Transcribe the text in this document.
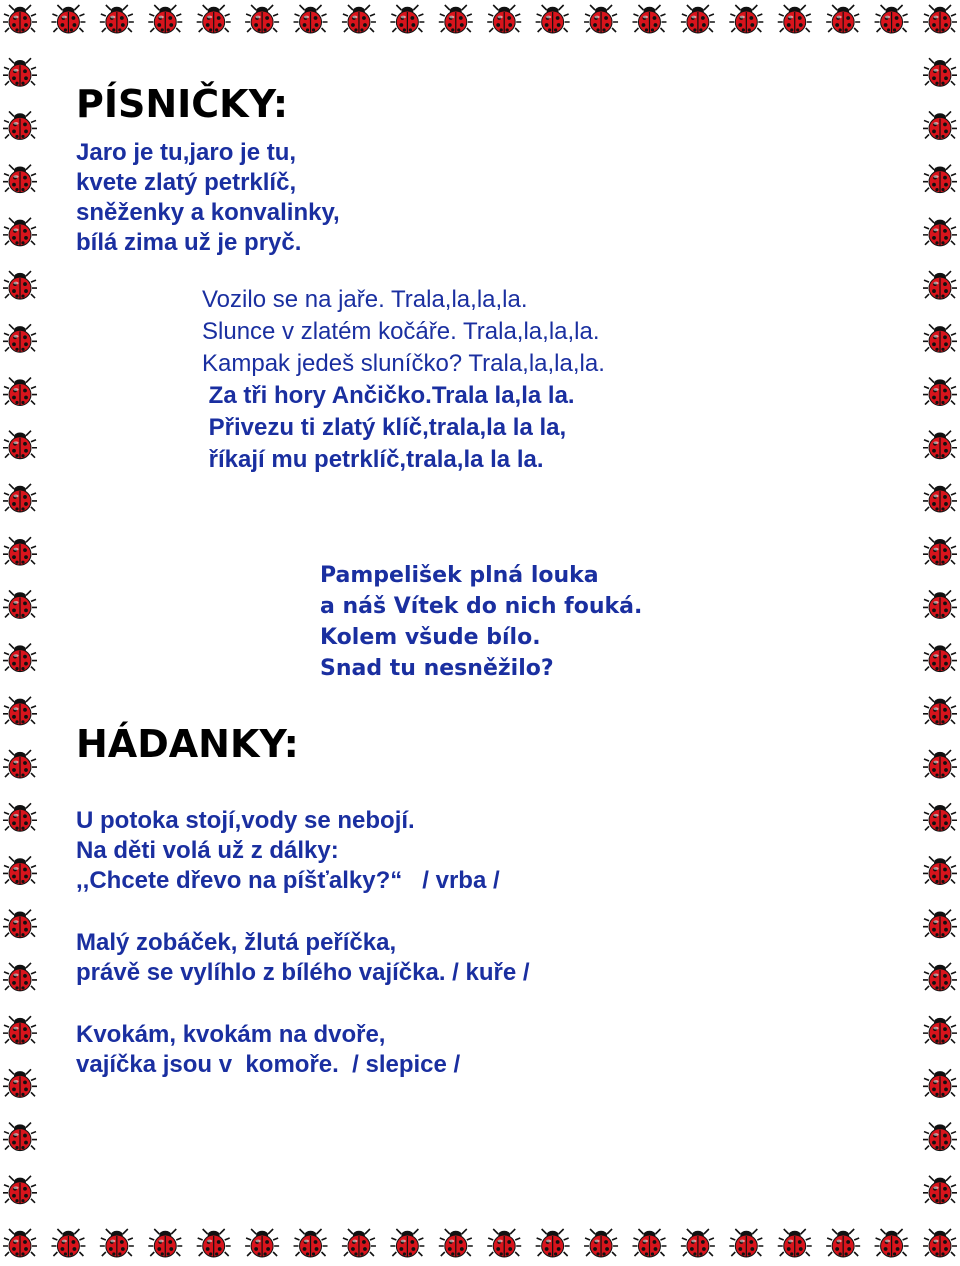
PÍSNIČKY:
Jaro je tu,jaro je tu,
kvete zlatý petrklíč,
sněženky a konvalinky,
bílá zima už je pryč.
Vozilo se na jaře. Trala,la,la,la.
Slunce v zlatém kočáře. Trala,la,la,la.
Kampak jedeš sluníčko? Trala,la,la,la.
Za tři hory Ančičko.Trala la,la la.
Přivezu ti zlatý klíč,trala,la la la,
říkají mu petrklíč,trala,la la la.
Pampelišek plná louka
a náš Vítek do nich fouká.
Kolem všude bílo.
Snad tu nesněžilo?
HÁDANKY:
U potoka stojí,vody se nebojí.
Na děti volá už z dálky:
,,Chcete dřevo na píšťalky?“   / vrba /
Malý zobáček, žlutá peříčka,
právě se vylíhlo z bílého vajíčka. / kuře /
Kvokám, kvokám na dvoře,
vajíčka jsou v  komoře.  / slepice /
